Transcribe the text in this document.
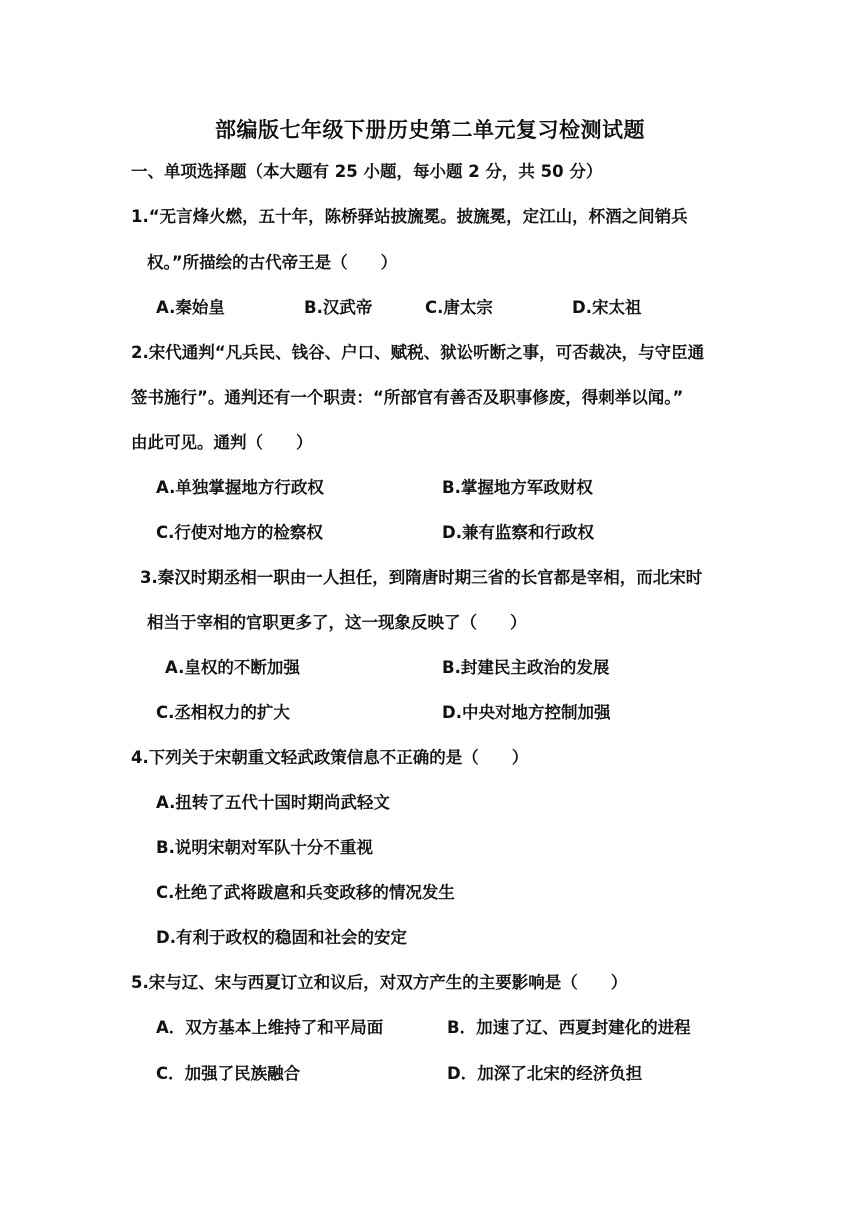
部编版七年级下册历史第二单元复习检测试题
一、单项选择题（本大题有 25 小题，每小题 2 分，共 50 分）
1.“无言烽火燃，五十年，陈桥驿站披旒冕。披旒冕，定江山，杯酒之间销兵
权。”所描绘的古代帝王是（　　）
A.秦始皇	B.汉武帝	C.唐太宗	D.宋太祖
2.宋代通判“凡兵民、钱谷、户口、赋税、狱讼听断之事，可否裁决，与守臣通
签书施行”。通判还有一个职责：“所部官有善否及职事修废，得刺举以闻。”
由此可见。通判（　　）
A.单独掌握地方行政权	B.掌握地方军政财权
C.行使对地方的检察权	D.兼有监察和行政权
3.秦汉时期丞相一职由一人担任，到隋唐时期三省的长官都是宰相，而北宋时
相当于宰相的官职更多了，这一现象反映了（　　）
A.皇权的不断加强	B.封建民主政治的发展
C.丞相权力的扩大	D.中央对地方控制加强
4.下列关于宋朝重文轻武政策信息不正确的是（　　）
A.扭转了五代十国时期尚武轻文
B.说明宋朝对军队十分不重视
C.杜绝了武将跋扈和兵变政移的情况发生
D.有利于政权的稳固和社会的安定
5.宋与辽、宋与西夏订立和议后，对双方产生的主要影响是（　　）
A．双方基本上维持了和平局面	B．加速了辽、西夏封建化的进程
C．加强了民族融合	D．加深了北宋的经济负担
